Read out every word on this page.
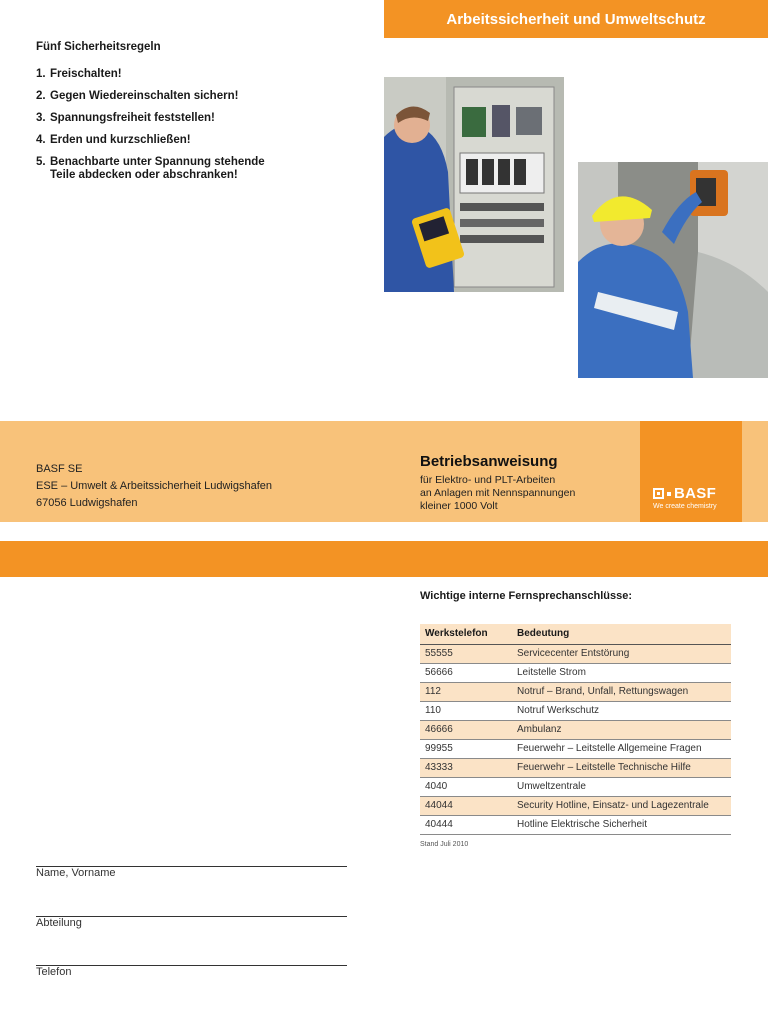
Arbeitssicherheit und Umweltschutz
Fünf Sicherheitsregeln
1. Freischalten!
2. Gegen Wiedereinschalten sichern!
3. Spannungsfreiheit feststellen!
4. Erden und kurzschließen!
5. Benachbarte unter Spannung stehende Teile abdecken oder abschranken!
BASF SE
ESE – Umwelt & Arbeitssicherheit Ludwigshafen
67056 Ludwigshafen
Betriebsanweisung
für Elektro- und PLT-Arbeiten
an Anlagen mit Nennspannungen
kleiner 1000 Volt
BASF
We create chemistry
Wichtige interne Fernsprechanschlüsse:
Werkstelefon	Bedeutung
55555	Servicecenter Entstörung
56666	Leitstelle Strom
112	Notruf – Brand, Unfall, Rettungswagen
110	Notruf Werkschutz
46666	Ambulanz
99955	Feuerwehr – Leitstelle Allgemeine Fragen
43333	Feuerwehr – Leitstelle Technische Hilfe
4040	Umweltzentrale
44044	Security Hotline, Einsatz- und Lagezentrale
40444	Hotline Elektrische Sicherheit
Stand Juli 2010
Name, Vorname
Abteilung
Telefon
